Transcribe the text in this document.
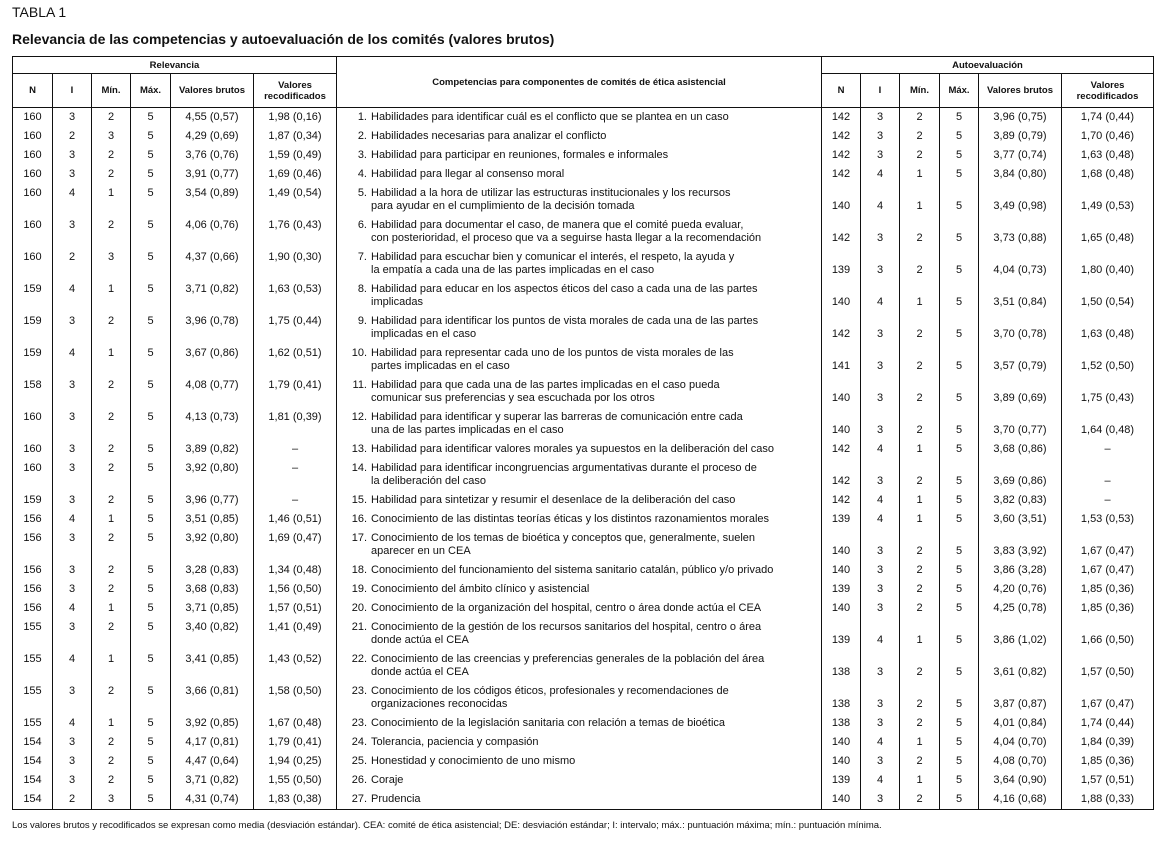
TABLA 1
Relevancia de las competencias y autoevaluación de los comités (valores brutos)
Relevancia						Competencias para componentes de comités de ética asistencial	Autoevaluación					
N	I	Mín.	Máx.	Valores brutos	Valores recodificados		N	I	Mín.	Máx.	Valores brutos	Valores recodificados
160	3	2	5	4,55 (0,57)	1,98 (0,16)	1. Habilidades para identificar cuál es el conflicto que se plantea en un caso	142	3	2	5	3,96 (0,75)	1,74 (0,44)
160	2	3	5	4,29 (0,69)	1,87 (0,34)	2. Habilidades necesarias para analizar el conflicto	142	3	2	5	3,89 (0,79)	1,70 (0,46)
160	3	2	5	3,76 (0,76)	1,59 (0,49)	3. Habilidad para participar en reuniones, formales e informales	142	3	2	5	3,77 (0,74)	1,63 (0,48)
160	3	2	5	3,91 (0,77)	1,69 (0,46)	4. Habilidad para llegar al consenso moral	142	4	1	5	3,84 (0,80)	1,68 (0,48)
160	4	1	5	3,54 (0,89)	1,49 (0,54)	5. Habilidad a la hora de utilizar las estructuras institucionales y los recursos
para ayudar en el cumplimiento de la decisión tomada	140	4	1	5	3,49 (0,98)	1,49 (0,53)
160	3	2	5	4,06 (0,76)	1,76 (0,43)	6. Habilidad para documentar el caso, de manera que el comité pueda evaluar,
con posterioridad, el proceso que va a seguirse hasta llegar a la recomendación	142	3	2	5	3,73 (0,88)	1,65 (0,48)
160	2	3	5	4,37 (0,66)	1,90 (0,30)	7. Habilidad para escuchar bien y comunicar el interés, el respeto, la ayuda y
la empatía a cada una de las partes implicadas en el caso	139	3	2	5	4,04 (0,73)	1,80 (0,40)
159	4	1	5	3,71 (0,82)	1,63 (0,53)	8. Habilidad para educar en los aspectos éticos del caso a cada una de las partes
implicadas	140	4	1	5	3,51 (0,84)	1,50 (0,54)
159	3	2	5	3,96 (0,78)	1,75 (0,44)	9. Habilidad para identificar los puntos de vista morales de cada una de las partes
implicadas en el caso	142	3	2	5	3,70 (0,78)	1,63 (0,48)
159	4	1	5	3,67 (0,86)	1,62 (0,51)	10. Habilidad para representar cada uno de los puntos de vista morales de las
partes implicadas en el caso	141	3	2	5	3,57 (0,79)	1,52 (0,50)
158	3	2	5	4,08 (0,77)	1,79 (0,41)	11. Habilidad para que cada una de las partes implicadas en el caso pueda
comunicar sus preferencias y sea escuchada por los otros	140	3	2	5	3,89 (0,69)	1,75 (0,43)
160	3	2	5	4,13 (0,73)	1,81 (0,39)	12. Habilidad para identificar y superar las barreras de comunicación entre cada
una de las partes implicadas en el caso	140	3	2	5	3,70 (0,77)	1,64 (0,48)
160	3	2	5	3,89 (0,82)	–	13. Habilidad para identificar valores morales ya supuestos en la deliberación del caso	142	4	1	5	3,68 (0,86)	–
160	3	2	5	3,92 (0,80)	–	14. Habilidad para identificar incongruencias argumentativas durante el proceso de
la deliberación del caso	142	3	2	5	3,69 (0,86)	–
159	3	2	5	3,96 (0,77)	–	15. Habilidad para sintetizar y resumir el desenlace de la deliberación del caso	142	4	1	5	3,82 (0,83)	–
156	4	1	5	3,51 (0,85)	1,46 (0,51)	16. Conocimiento de las distintas teorías éticas y los distintos razonamientos morales	139	4	1	5	3,60 (3,51)	1,53 (0,53)
156	3	2	5	3,92 (0,80)	1,69 (0,47)	17. Conocimiento de los temas de bioética y conceptos que, generalmente, suelen
aparecer en un CEA	140	3	2	5	3,83 (3,92)	1,67 (0,47)
156	3	2	5	3,28 (0,83)	1,34 (0,48)	18. Conocimiento del funcionamiento del sistema sanitario catalán, público y/o privado	140	3	2	5	3,86 (3,28)	1,67 (0,47)
156	3	2	5	3,68 (0,83)	1,56 (0,50)	19. Conocimiento del ámbito clínico y asistencial	139	3	2	5	4,20 (0,76)	1,85 (0,36)
156	4	1	5	3,71 (0,85)	1,57 (0,51)	20. Conocimiento de la organización del hospital, centro o área donde actúa el CEA	140	3	2	5	4,25 (0,78)	1,85 (0,36)
155	3	2	5	3,40 (0,82)	1,41 (0,49)	21. Conocimiento de la gestión de los recursos sanitarios del hospital, centro o área
donde actúa el CEA	139	4	1	5	3,86 (1,02)	1,66 (0,50)
155	4	1	5	3,41 (0,85)	1,43 (0,52)	22. Conocimiento de las creencias y preferencias generales de la población del área
donde actúa el CEA	138	3	2	5	3,61 (0,82)	1,57 (0,50)
155	3	2	5	3,66 (0,81)	1,58 (0,50)	23. Conocimiento de los códigos éticos, profesionales y recomendaciones de
organizaciones reconocidas	138	3	2	5	3,87 (0,87)	1,67 (0,47)
155	4	1	5	3,92 (0,85)	1,67 (0,48)	23. Conocimiento de la legislación sanitaria con relación a temas de bioética	138	3	2	5	4,01 (0,84)	1,74 (0,44)
154	3	2	5	4,17 (0,81)	1,79 (0,41)	24. Tolerancia, paciencia y compasión	140	4	1	5	4,04 (0,70)	1,84 (0,39)
154	3	2	5	4,47 (0,64)	1,94 (0,25)	25. Honestidad y conocimiento de uno mismo	140	3	2	5	4,08 (0,70)	1,85 (0,36)
154	3	2	5	3,71 (0,82)	1,55 (0,50)	26. Coraje	139	4	1	5	3,64 (0,90)	1,57 (0,51)
154	2	3	5	4,31 (0,74)	1,83 (0,38)	27. Prudencia	140	3	2	5	4,16 (0,68)	1,88 (0,33)
Los valores brutos y recodificados se expresan como media (desviación estándar). CEA: comité de ética asistencial; DE: desviación estándar; I: intervalo; máx.: puntuación máxima; mín.: puntuación mínima.
